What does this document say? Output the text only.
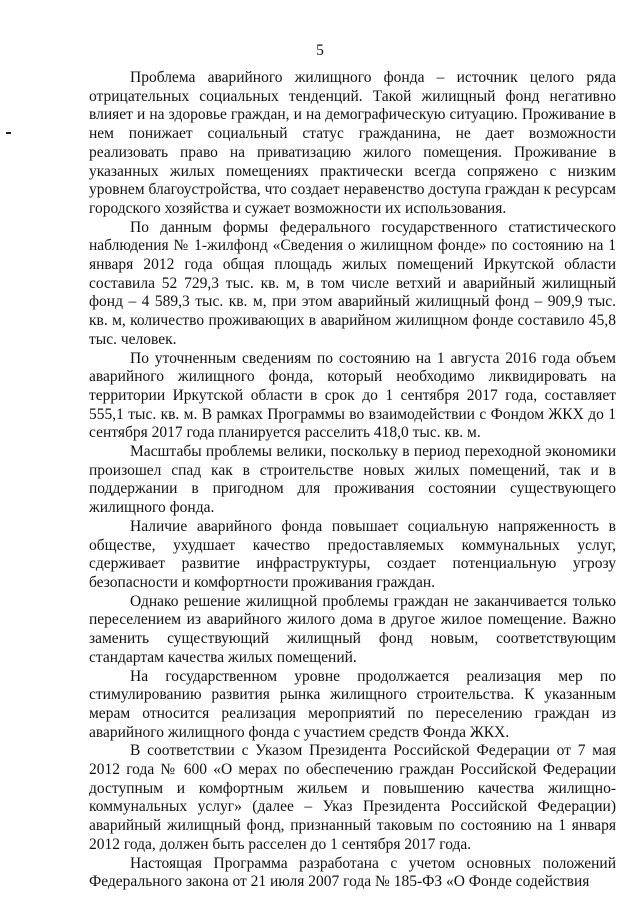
5

Проблема аварийного жилищного фонда – источник целого ряда отрицательных социальных тенденций. Такой жилищный фонд негативно влияет и на здоровье граждан, и на демографическую ситуацию. Проживание в нем понижает социальный статус гражданина, не дает возможности реализовать право на приватизацию жилого помещения. Проживание в указанных жилых помещениях практически всегда сопряжено с низким уровнем благоустройства, что создает неравенство доступа граждан к ресурсам городского хозяйства и сужает возможности их использования.

По данным формы федерального государственного статистического наблюдения № 1-жилфонд «Сведения о жилищном фонде» по состоянию на 1 января 2012 года общая площадь жилых помещений Иркутской области составила 52 729,3 тыс. кв. м, в том числе ветхий и аварийный жилищный фонд – 4 589,3 тыс. кв. м, при этом аварийный жилищный фонд – 909,9 тыс. кв. м, количество проживающих в аварийном жилищном фонде составило 45,8 тыс. человек.

По уточненным сведениям по состоянию на 1 августа 2016 года объем аварийного жилищного фонда, который необходимо ликвидировать на территории Иркутской области в срок до 1 сентября 2017 года, составляет 555,1 тыс. кв. м. В рамках Программы во взаимодействии с Фондом ЖКХ до 1 сентября 2017 года планируется расселить 418,0 тыс. кв. м.

Масштабы проблемы велики, поскольку в период переходной экономики произошел спад как в строительстве новых жилых помещений, так и в поддержании в пригодном для проживания состоянии существующего жилищного фонда.

Наличие аварийного фонда повышает социальную напряженность в обществе, ухудшает качество предоставляемых коммунальных услуг, сдерживает развитие инфраструктуры, создает потенциальную угрозу безопасности и комфортности проживания граждан.

Однако решение жилищной проблемы граждан не заканчивается только переселением из аварийного жилого дома в другое жилое помещение. Важно заменить существующий жилищный фонд новым, соответствующим стандартам качества жилых помещений.

На государственном уровне продолжается реализация мер по стимулированию развития рынка жилищного строительства. К указанным мерам относится реализация мероприятий по переселению граждан из аварийного жилищного фонда с участием средств Фонда ЖКХ.

В соответствии с Указом Президента Российской Федерации от 7 мая 2012 года № 600 «О мерах по обеспечению граждан Российской Федерации доступным и комфортным жильем и повышению качества жилищно-коммунальных услуг» (далее – Указ Президента Российской Федерации) аварийный жилищный фонд, признанный таковым по состоянию на 1 января 2012 года, должен быть расселен до 1 сентября 2017 года.

Настоящая Программа разработана с учетом основных положений Федерального закона от 21 июля 2007 года № 185-ФЗ «О Фонде содействия
